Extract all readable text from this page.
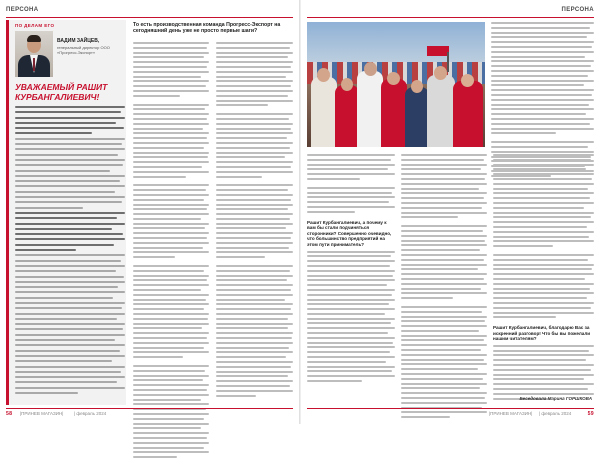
ПЕРСОНА
ПО ДЕЛАМ ЕГО
ВАДИМ ЗАЙЦЕВ,
генеральный директор ООО «Прогресс-Экспорт»
УВАЖАЕМЫЙ РАШИТ КУРБАНГАЛИЕВИЧ!
То есть производственная команда Прогресс-Экспорт на сегодняшний день уже не просто первые шаги?
58 |ПРИНЕВ МАГАЗИН| | февраль 2024
ПЕРСОНА
Рашит Курбангалиевич, а почему к вам бы стали подчиняться сторонники? Совершенно очевидно, что большинство предприятий на этом пути приниматель?
Рашит Курбангалиевич, благодарю Вас за искренний разговор! Что бы вы пожелали нашим читателям?
Беседовала Марина ГОРШКОВА
|ПРИНЕВ МАГАЗИН| | февраль 2024	59
